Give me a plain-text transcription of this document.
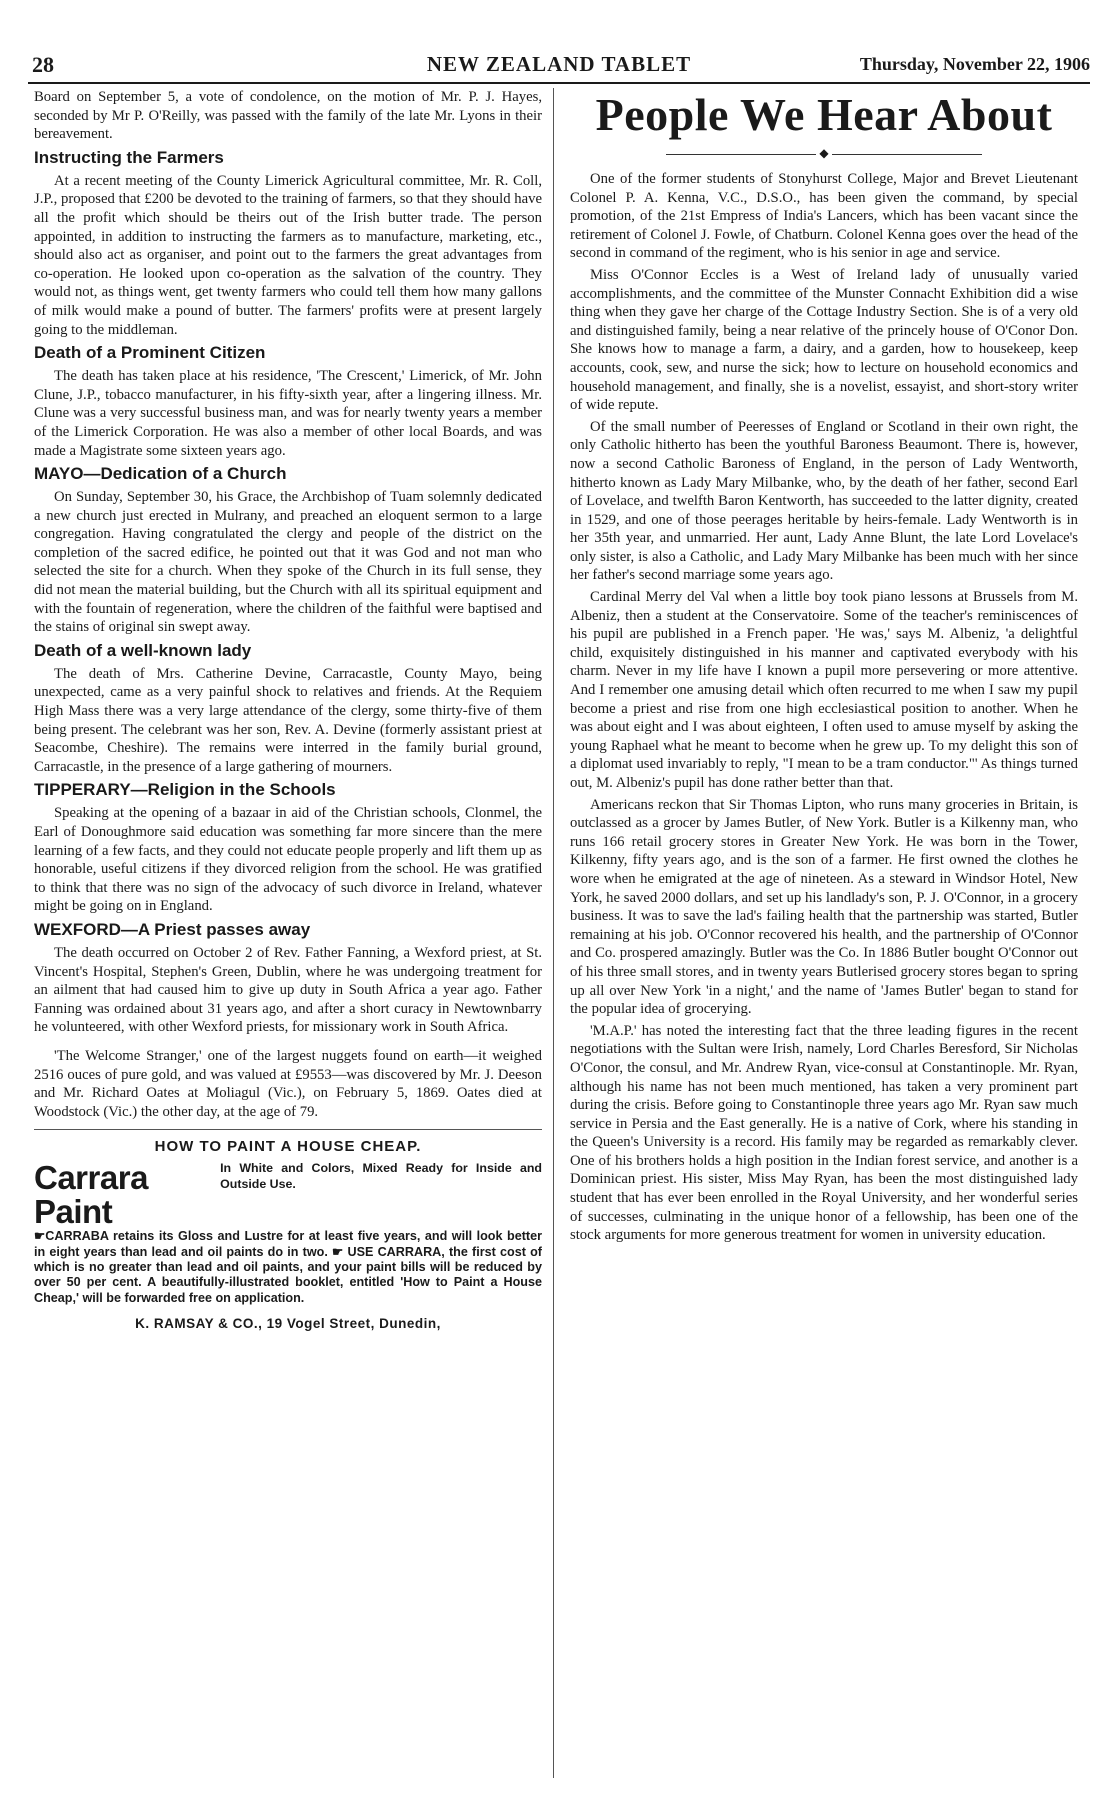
28	NEW ZEALAND TABLET	Thursday, November 22, 1906

Board on September 5, a vote of condolence, on the motion of Mr. P. J. Hayes, seconded by Mr P. O'Reilly, was passed with the family of the late Mr. Lyons in their bereavement.

Instructing the Farmers

At a recent meeting of the County Limerick Agricultural committee, Mr. R. Coll, J.P., proposed that £200 be devoted to the training of farmers, so that they should have all the profit which should be theirs out of the Irish butter trade. The person appointed, in addition to instructing the farmers as to manufacture, marketing, etc., should also act as organiser, and point out to the farmers the great advantages from co-operation. He looked upon co-operation as the salvation of the country. They would not, as things went, get twenty farmers who could tell them how many gallons of milk would make a pound of butter. The farmers' profits were at present largely going to the middleman.

Death of a Prominent Citizen

The death has taken place at his residence, 'The Crescent,' Limerick, of Mr. John Clune, J.P., tobacco manufacturer, in his fifty-sixth year, after a lingering illness. Mr. Clune was a very successful business man, and was for nearly twenty years a member of the Limerick Corporation. He was also a member of other local Boards, and was made a Magistrate some sixteen years ago.

MAYO—Dedication of a Church

On Sunday, September 30, his Grace, the Archbishop of Tuam solemnly dedicated a new church just erected in Mulrany, and preached an eloquent sermon to a large congregation. Having congratulated the clergy and people of the district on the completion of the sacred edifice, he pointed out that it was God and not man who selected the site for a church. When they spoke of the Church in its full sense, they did not mean the material building, but the Church with all its spiritual equipment and with the fountain of regeneration, where the children of the faithful were baptised and the stains of original sin swept away.

Death of a well-known lady

The death of Mrs. Catherine Devine, Carracastle, County Mayo, being unexpected, came as a very painful shock to relatives and friends. At the Requiem High Mass there was a very large attendance of the clergy, some thirty-five of them being present. The celebrant was her son, Rev. A. Devine (formerly assistant priest at Seacombe, Cheshire). The remains were interred in the family burial ground, Carracastle, in the presence of a large gathering of mourners.

TIPPERARY—Religion in the Schools

Speaking at the opening of a bazaar in aid of the Christian schools, Clonmel, the Earl of Donoughmore said education was something far more sincere than the mere learning of a few facts, and they could not educate people properly and lift them up as honorable, useful citizens if they divorced religion from the school. He was gratified to think that there was no sign of the advocacy of such divorce in Ireland, whatever might be going on in England.

WEXFORD—A Priest passes away

The death occurred on October 2 of Rev. Father Fanning, a Wexford priest, at St. Vincent's Hospital, Stephen's Green, Dublin, where he was undergoing treatment for an ailment that had caused him to give up duty in South Africa a year ago. Father Fanning was ordained about 31 years ago, and after a short curacy in Newtownbarry he volunteered, with other Wexford priests, for missionary work in South Africa.

'The Welcome Stranger,' one of the largest nuggets found on earth—it weighed 2516 ouces of pure gold, and was valued at £9553—was discovered by Mr. J. Deeson and Mr. Richard Oates at Moliagul (Vic.), on February 5, 1869. Oates died at Woodstock (Vic.) the other day, at the age of 79.

HOW TO PAINT A HOUSE CHEAP.
Carrara Paint
In White and Colors, Mixed Ready for Inside and Outside Use.

☛CARRABA retains its Gloss and Lustre for at least five years, and will look better in eight years than lead and oil paints do in two. ☛ USE CARRARA, the first cost of which is no greater than lead and oil paints, and your paint bills will be reduced by over 50 per cent. A beautifully-illustrated booklet, entitled 'How to Paint a House Cheap,' will be forwarded free on application.

K. RAMSAY & CO., 19 Vogel Street, Dunedin,
People We Hear About
◆

One of the former students of Stonyhurst College, Major and Brevet Lieutenant Colonel P. A. Kenna, V.C., D.S.O., has been given the command, by special promotion, of the 21st Empress of India's Lancers, which has been vacant since the retirement of Colonel J. Fowle, of Chatburn. Colonel Kenna goes over the head of the second in command of the regiment, who is his senior in age and service.

Miss O'Connor Eccles is a West of Ireland lady of unusually varied accomplishments, and the committee of the Munster Connacht Exhibition did a wise thing when they gave her charge of the Cottage Industry Section. She is of a very old and distinguished family, being a near relative of the princely house of O'Conor Don. She knows how to manage a farm, a dairy, and a garden, how to housekeep, keep accounts, cook, sew, and nurse the sick; how to lecture on household economics and household management, and finally, she is a novelist, essayist, and short-story writer of wide repute.

Of the small number of Peeresses of England or Scotland in their own right, the only Catholic hitherto has been the youthful Baroness Beaumont. There is, however, now a second Catholic Baroness of England, in the person of Lady Wentworth, hitherto known as Lady Mary Milbanke, who, by the death of her father, second Earl of Lovelace, and twelfth Baron Kentworth, has succeeded to the latter dignity, created in 1529, and one of those peerages heritable by heirs-female. Lady Wentworth is in her 35th year, and unmarried. Her aunt, Lady Anne Blunt, the late Lord Lovelace's only sister, is also a Catholic, and Lady Mary Milbanke has been much with her since her father's second marriage some years ago.

Cardinal Merry del Val when a little boy took piano lessons at Brussels from M. Albeniz, then a student at the Conservatoire. Some of the teacher's reminiscences of his pupil are published in a French paper. 'He was,' says M. Albeniz, 'a delightful child, exquisitely distinguished in his manner and captivated everybody with his charm. Never in my life have I known a pupil more persevering or more attentive. And I remember one amusing detail which often recurred to me when I saw my pupil become a priest and rise from one high ecclesiastical position to another. When he was about eight and I was about eighteen, I often used to amuse myself by asking the young Raphael what he meant to become when he grew up. To my delight this son of a diplomat used invariably to reply, "I mean to be a tram conductor."' As things turned out, M. Albeniz's pupil has done rather better than that.

Americans reckon that Sir Thomas Lipton, who runs many groceries in Britain, is outclassed as a grocer by James Butler, of New York. Butler is a Kilkenny man, who runs 166 retail grocery stores in Greater New York. He was born in the Tower, Kilkenny, fifty years ago, and is the son of a farmer. He first owned the clothes he wore when he emigrated at the age of nineteen. As a steward in Windsor Hotel, New York, he saved 2000 dollars, and set up his landlady's son, P. J. O'Connor, in a grocery business. It was to save the lad's failing health that the partnership was started, Butler remaining at his job. O'Connor recovered his health, and the partnership of O'Connor and Co. prospered amazingly. Butler was the Co. In 1886 Butler bought O'Connor out of his three small stores, and in twenty years Butlerised grocery stores began to spring up all over New York 'in a night,' and the name of 'James Butler' began to stand for the popular idea of grocerying.

'M.A.P.' has noted the interesting fact that the three leading figures in the recent negotiations with the Sultan were Irish, namely, Lord Charles Beresford, Sir Nicholas O'Conor, the consul, and Mr. Andrew Ryan, vice-consul at Constantinople. Mr. Ryan, although his name has not been much mentioned, has taken a very prominent part during the crisis. Before going to Constantinople three years ago Mr. Ryan saw much service in Persia and the East generally. He is a native of Cork, where his standing in the Queen's University is a record. His family may be regarded as remarkably clever. One of his brothers holds a high position in the Indian forest service, and another is a Dominican priest. His sister, Miss May Ryan, has been the most distinguished lady student that has ever been enrolled in the Royal University, and her wonderful series of successes, culminating in the unique honor of a fellowship, has been one of the stock arguments for more generous treatment for women in university education.
